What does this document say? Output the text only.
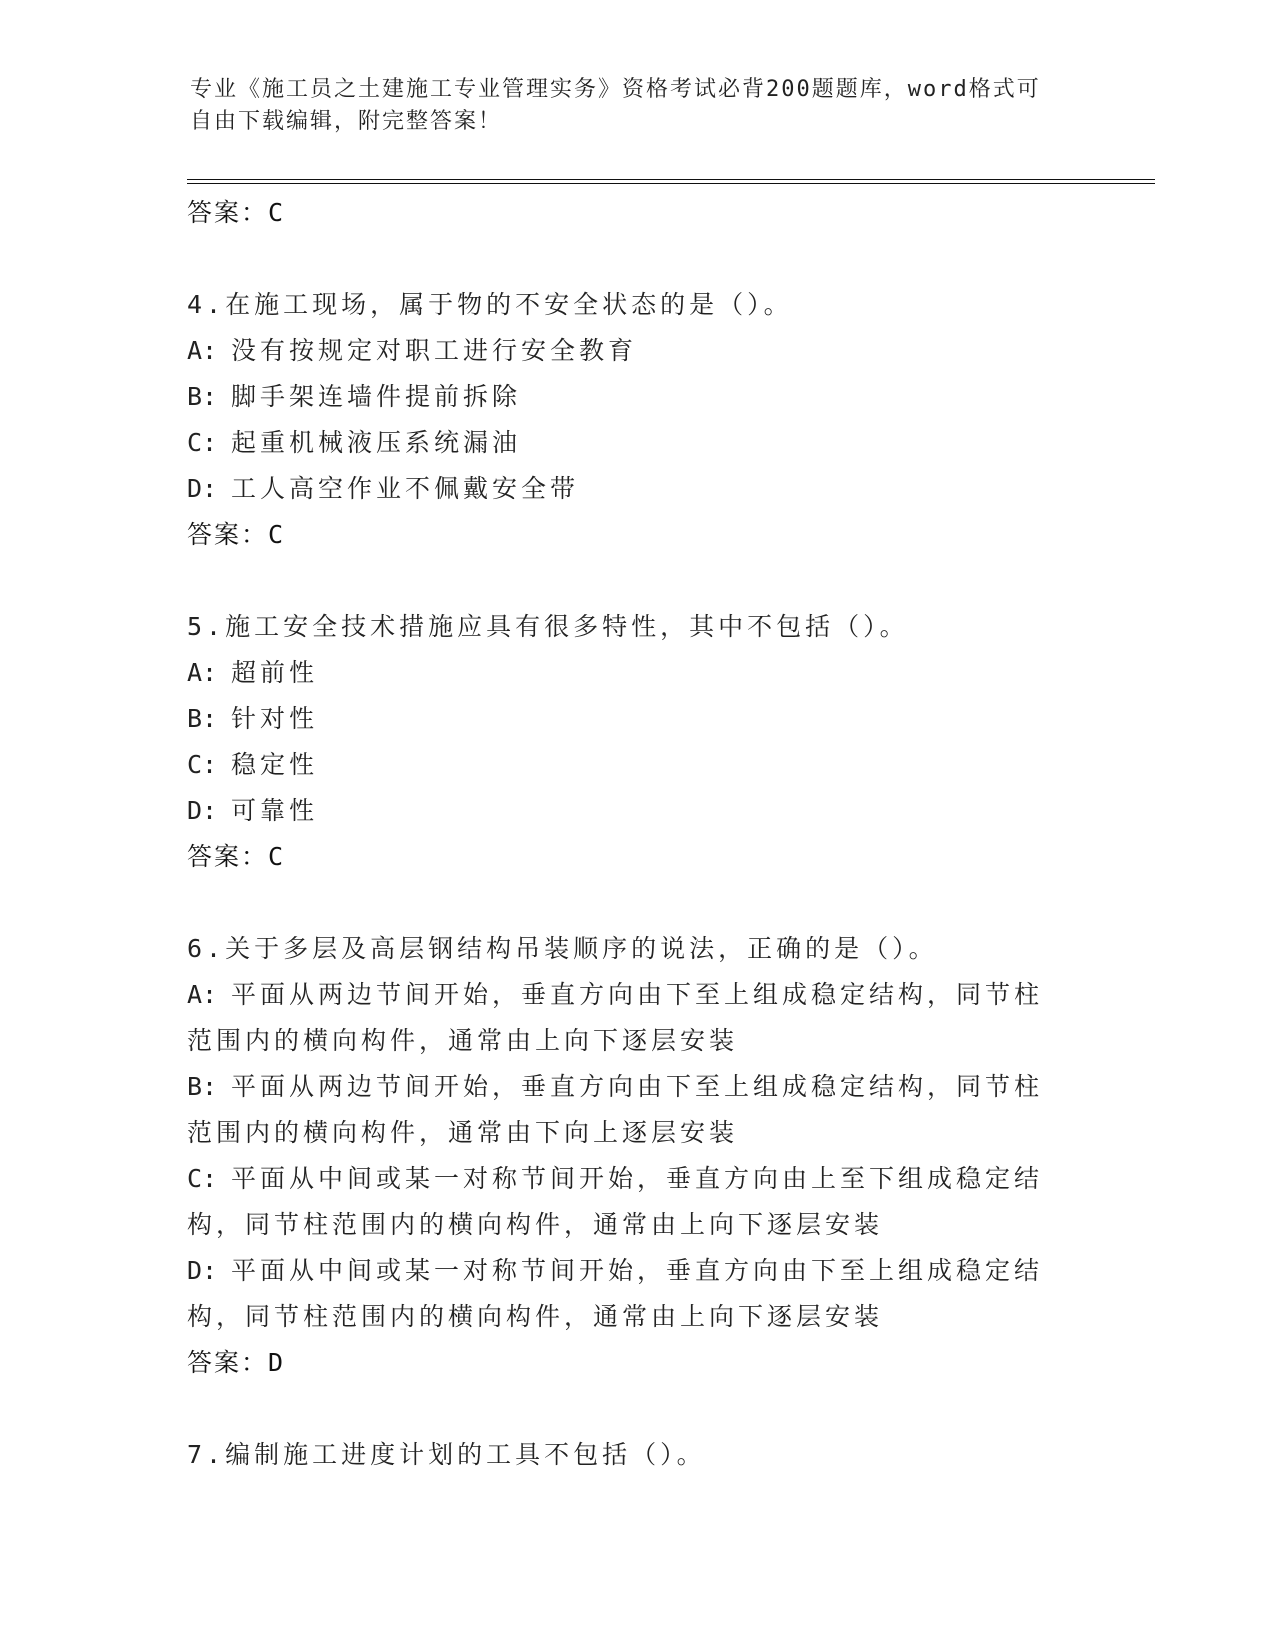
专业《施工员之土建施工专业管理实务》资格考试必背200题题库，word格式可
自由下载编辑，附完整答案！
答案：C
4.在施工现场，属于物的不安全状态的是（）。
A: 没有按规定对职工进行安全教育
B: 脚手架连墙件提前拆除
C: 起重机械液压系统漏油
D: 工人高空作业不佩戴安全带
答案：C
5.施工安全技术措施应具有很多特性，其中不包括（）。
A: 超前性
B: 针对性
C: 稳定性
D: 可靠性
答案：C
6.关于多层及高层钢结构吊装顺序的说法，正确的是（）。
A: 平面从两边节间开始，垂直方向由下至上组成稳定结构，同节柱范围内的横向构件，通常由上向下逐层安装
B: 平面从两边节间开始，垂直方向由下至上组成稳定结构，同节柱范围内的横向构件，通常由下向上逐层安装
C: 平面从中间或某一对称节间开始，垂直方向由上至下组成稳定结构，同节柱范围内的横向构件，通常由上向下逐层安装
D: 平面从中间或某一对称节间开始，垂直方向由下至上组成稳定结构，同节柱范围内的横向构件，通常由上向下逐层安装
答案：D
7.编制施工进度计划的工具不包括（）。
